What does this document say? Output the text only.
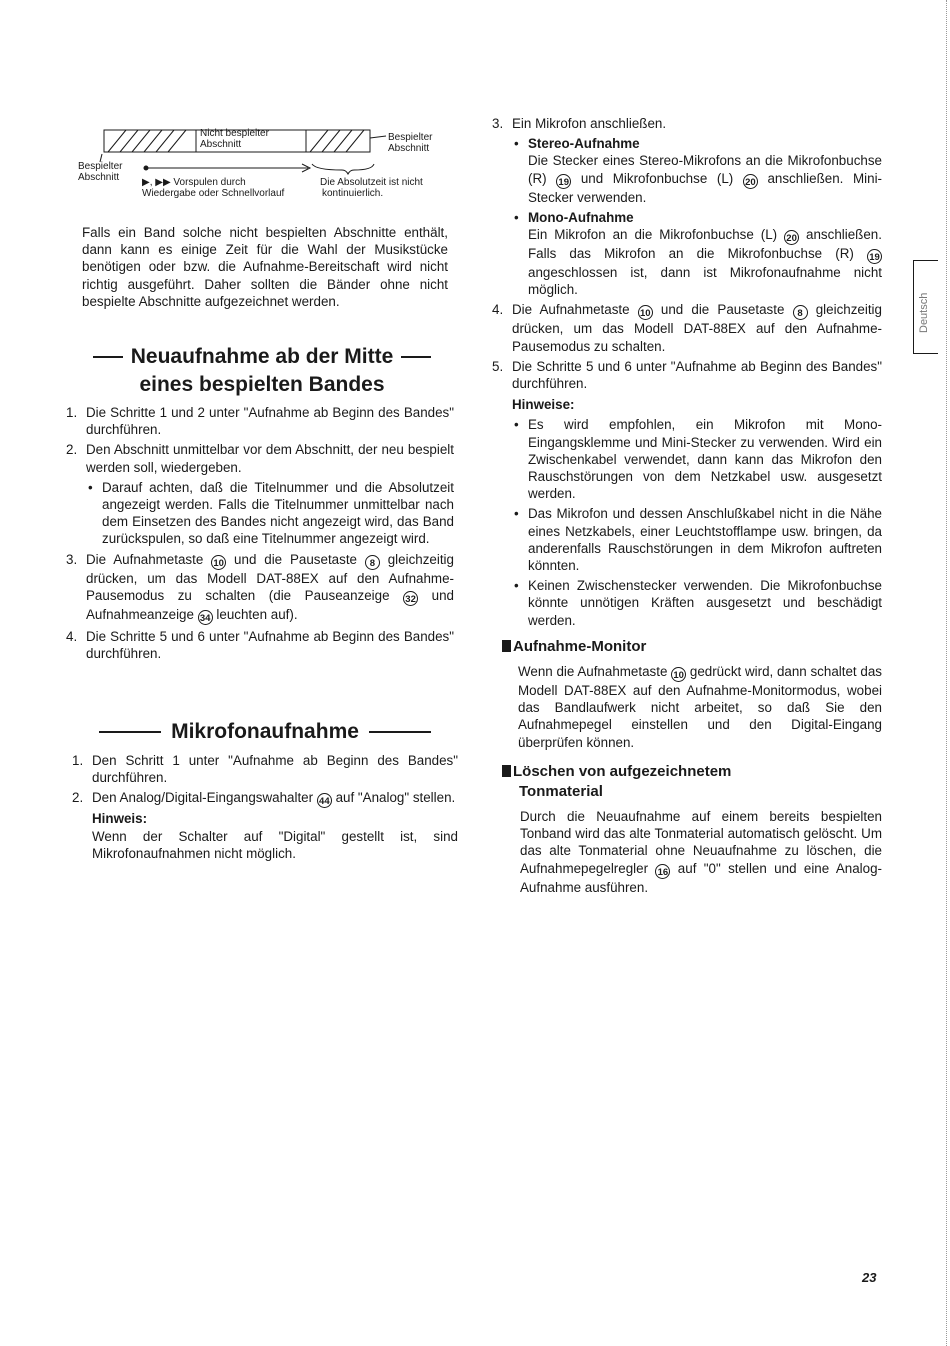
Nicht bespielter Abschnitt
Bespielter Abschnitt
Bespielter Abschnitt	▶, ▶▶ Vorspulen durch
Wiedergabe oder Schnellvorlauf
Die Absolutzeit ist nicht
kontinuierlich.

Falls ein Band solche nicht bespielten Abschnitte enthält, dann kann es einige Zeit für die Wahl der Musikstücke benötigen oder bzw. die Aufnahme-Bereitschaft wird nicht richtig ausgeführt. Daher sollten die Bänder ohne nicht bespielte Abschnitte aufgezeichnet werden.

Neuaufnahme ab der Mitte
eines bespielten Bandes
1. Die Schritte 1 und 2 unter "Aufnahme ab Beginn des Bandes" durchführen.
2. Den Abschnitt unmittelbar vor dem Abschnitt, der neu bespielt werden soll, wiedergeben.
• Darauf achten, daß die Titelnummer und die Absolutzeit angezeigt werden. Falls die Titelnummer unmittelbar nach dem Einsetzen des Bandes nicht angezeigt wird, das Band zurückspulen, so daß eine Titelnummer angezeigt wird.
3. Die Aufnahmetaste 10 und die Pausetaste 8 gleichzeitig drücken, um das Modell DAT-88EX auf den Aufnahme-Pausemodus zu schalten (die Pauseanzeige 32 und Aufnahmeanzeige 34 leuchten auf).
4. Die Schritte 5 und 6 unter "Aufnahme ab Beginn des Bandes" durchführen.
Mikrofonaufnahme
1. Den Schritt 1 unter "Aufnahme ab Beginn des Bandes" durchführen.
2. Den Analog/Digital-Eingangswahalter 44 auf "Analog" stellen.
Hinweis:
Wenn der Schalter auf "Digital" gestellt ist, sind Mikrofonaufnahmen nicht möglich.
3. Ein Mikrofon anschließen.
• Stereo-Aufnahme
Die Stecker eines Stereo-Mikrofons an die Mikrofonbuchse (R) 19 und Mikrofonbuchse (L) 20 anschließen. Mini-Stecker verwenden.
• Mono-Aufnahme
Ein Mikrofon an die Mikrofonbuchse (L) 20 anschließen. Falls das Mikrofon an die Mikrofonbuchse (R) 19 angeschlossen ist, dann ist Mikrofonaufnahme nicht möglich.
4. Die Aufnahmetaste 10 und die Pausetaste 8 gleichzeitig drücken, um das Modell DAT-88EX auf den Aufnahme-Pausemodus zu schalten.
5. Die Schritte 5 und 6 unter "Aufnahme ab Beginn des Bandes" durchführen.
Hinweise:
• Es wird empfohlen, ein Mikrofon mit Mono-Eingangsklemme und Mini-Stecker zu verwenden. Wird ein Zwischenkabel verwendet, dann kann das Mikrofon den Rauschstörungen von dem Netzkabel usw. ausgesetzt werden.
• Das Mikrofon und dessen Anschlußkabel nicht in die Nähe eines Netzkabels, einer Leuchtstofflampe usw. bringen, da anderenfalls Rauschstörungen in dem Mikrofon auftreten könnten.
• Keinen Zwischenstecker verwenden. Die Mikrofonbuchse könnte unnötigen Kräften ausgesetzt und beschädigt werden.
Aufnahme-Monitor

Wenn die Aufnahmetaste 10 gedrückt wird, dann schaltet das Modell DAT-88EX auf den Aufnahme-Monitormodus, wobei das Bandlaufwerk nicht arbeitet, so daß Sie den Aufnahmepegel einstellen und den Digital-Eingang überprüfen können.

Löschen von aufgezeichnetem
Tonmaterial

Durch die Neuaufnahme auf einem bereits bespielten Tonband wird das alte Tonmaterial automatisch gelöscht. Um das alte Tonmaterial ohne Neuaufnahme zu löschen, die Aufnahmepegelregler 16 auf "0" stellen und eine Analog-Aufnahme ausführen.

Deutsch
23
